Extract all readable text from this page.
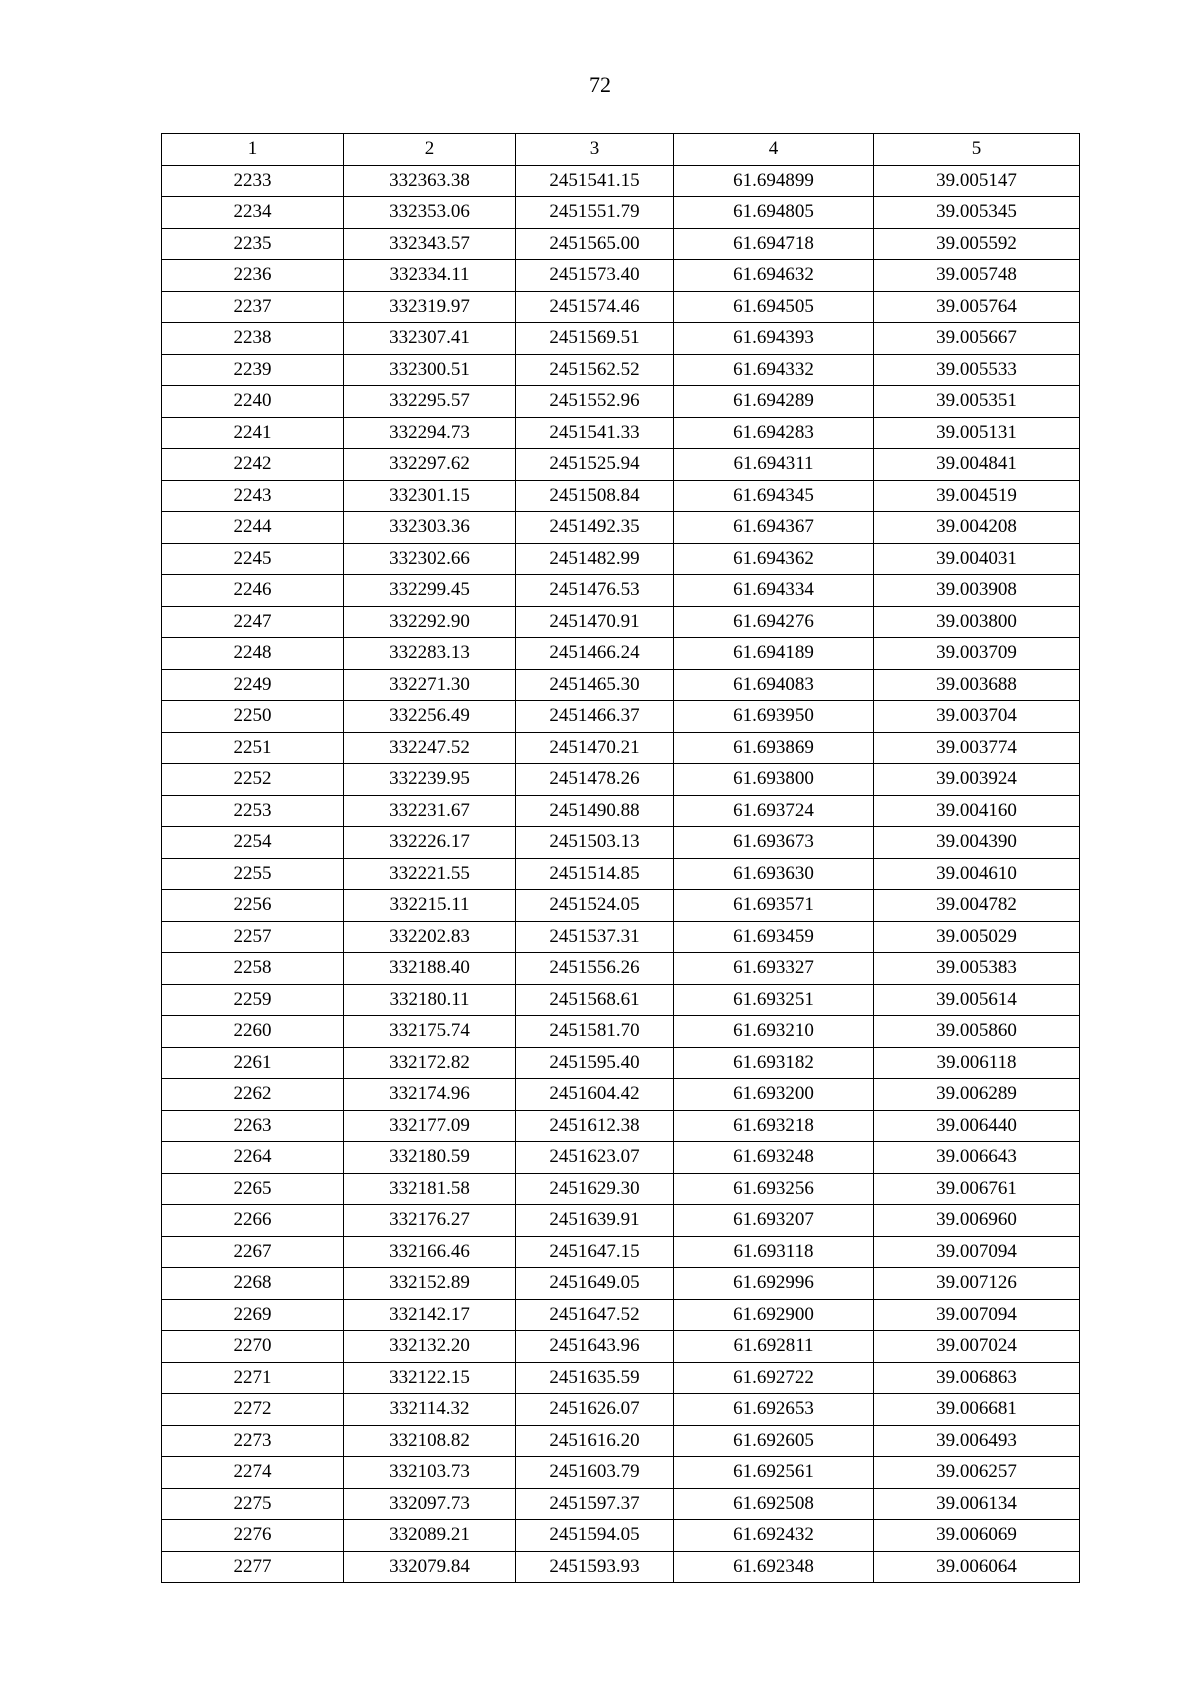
72
1	2	3	4	5
2233	332363.38	2451541.15	61.694899	39.005147
2234	332353.06	2451551.79	61.694805	39.005345
2235	332343.57	2451565.00	61.694718	39.005592
2236	332334.11	2451573.40	61.694632	39.005748
2237	332319.97	2451574.46	61.694505	39.005764
2238	332307.41	2451569.51	61.694393	39.005667
2239	332300.51	2451562.52	61.694332	39.005533
2240	332295.57	2451552.96	61.694289	39.005351
2241	332294.73	2451541.33	61.694283	39.005131
2242	332297.62	2451525.94	61.694311	39.004841
2243	332301.15	2451508.84	61.694345	39.004519
2244	332303.36	2451492.35	61.694367	39.004208
2245	332302.66	2451482.99	61.694362	39.004031
2246	332299.45	2451476.53	61.694334	39.003908
2247	332292.90	2451470.91	61.694276	39.003800
2248	332283.13	2451466.24	61.694189	39.003709
2249	332271.30	2451465.30	61.694083	39.003688
2250	332256.49	2451466.37	61.693950	39.003704
2251	332247.52	2451470.21	61.693869	39.003774
2252	332239.95	2451478.26	61.693800	39.003924
2253	332231.67	2451490.88	61.693724	39.004160
2254	332226.17	2451503.13	61.693673	39.004390
2255	332221.55	2451514.85	61.693630	39.004610
2256	332215.11	2451524.05	61.693571	39.004782
2257	332202.83	2451537.31	61.693459	39.005029
2258	332188.40	2451556.26	61.693327	39.005383
2259	332180.11	2451568.61	61.693251	39.005614
2260	332175.74	2451581.70	61.693210	39.005860
2261	332172.82	2451595.40	61.693182	39.006118
2262	332174.96	2451604.42	61.693200	39.006289
2263	332177.09	2451612.38	61.693218	39.006440
2264	332180.59	2451623.07	61.693248	39.006643
2265	332181.58	2451629.30	61.693256	39.006761
2266	332176.27	2451639.91	61.693207	39.006960
2267	332166.46	2451647.15	61.693118	39.007094
2268	332152.89	2451649.05	61.692996	39.007126
2269	332142.17	2451647.52	61.692900	39.007094
2270	332132.20	2451643.96	61.692811	39.007024
2271	332122.15	2451635.59	61.692722	39.006863
2272	332114.32	2451626.07	61.692653	39.006681
2273	332108.82	2451616.20	61.692605	39.006493
2274	332103.73	2451603.79	61.692561	39.006257
2275	332097.73	2451597.37	61.692508	39.006134
2276	332089.21	2451594.05	61.692432	39.006069
2277	332079.84	2451593.93	61.692348	39.006064
